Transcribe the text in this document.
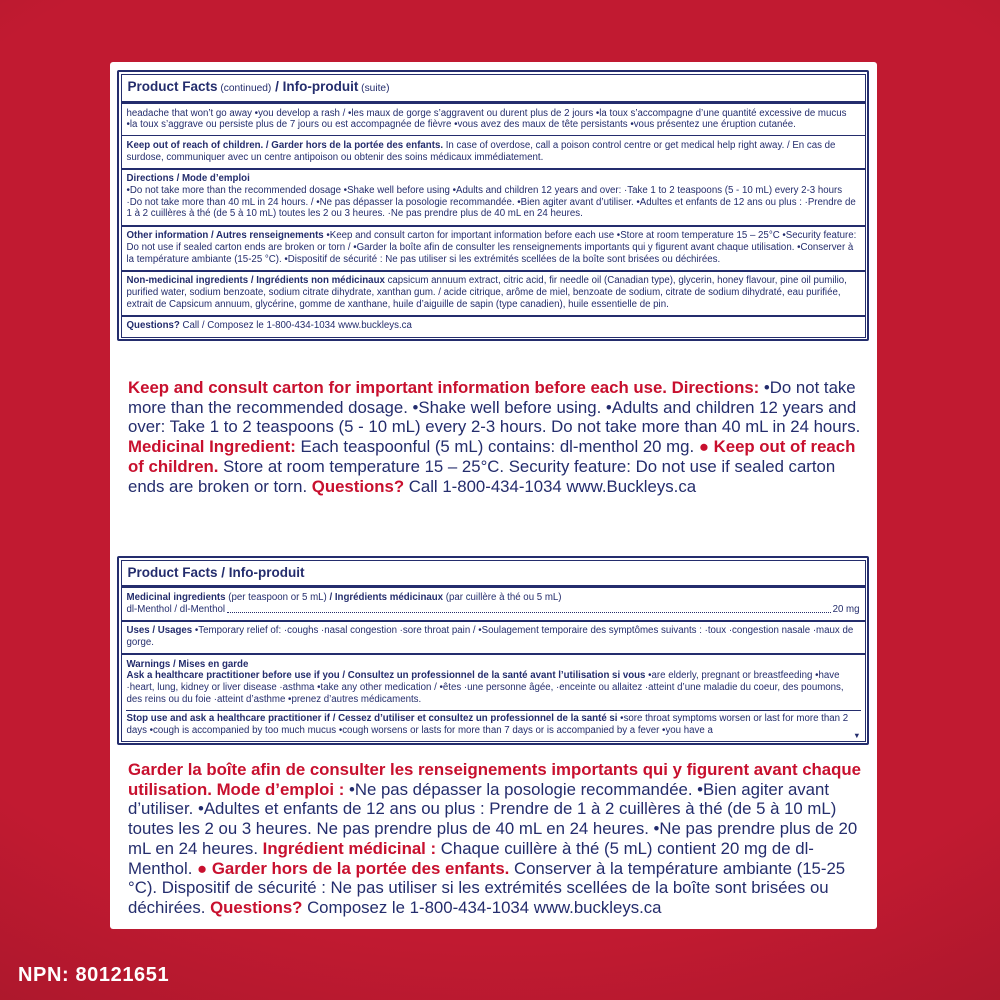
Product Facts (continued) / Info-produit (suite)
headache that won’t go away •you develop a rash / •les maux de gorge s’aggravent ou durent plus de 2 jours •la toux s’accompagne d’une quantité excessive de mucus •la toux s’aggrave ou persiste plus de 7 jours ou est accompagnée de fièvre •vous avez des maux de tête persistants •vous présentez une éruption cutanée.
Keep out of reach of children. / Garder hors de la portée des enfants. In case of overdose, call a poison control centre or get medical help right away. / En cas de surdose, communiquer avec un centre antipoison ou obtenir des soins médicaux immédiatement.
Directions / Mode d’emploi
•Do not take more than the recommended dosage •Shake well before using •Adults and children 12 years and over: ·Take 1 to 2 teaspoons (5 - 10 mL) every 2-3 hours ·Do not take more than 40 mL in 24 hours. / •Ne pas dépasser la posologie recommandée. •Bien agiter avant d’utiliser. •Adultes et enfants de 12 ans ou plus : ·Prendre de 1 à 2 cuillères à thé (de 5 à 10 mL) toutes les 2 ou 3 heures. ·Ne pas prendre plus de 40 mL en 24 heures.
Other information / Autres renseignements •Keep and consult carton for important information before each use •Store at room temperature 15 – 25°C •Security feature: Do not use if sealed carton ends are broken or torn / •Garder la boîte afin de consulter les renseignements importants qui y figurent avant chaque utilisation. •Conserver à la température ambiante (15-25 °C). •Dispositif de sécurité : Ne pas utiliser si les extrémités scellées de la boîte sont brisées ou déchirées.
Non-medicinal ingredients / Ingrédients non médicinaux capsicum annuum extract, citric acid, fir needle oil (Canadian type), glycerin, honey flavour, pine oil pumilio, purified water, sodium benzoate, sodium citrate dihydrate, xanthan gum. / acide citrique, arôme de miel, benzoate de sodium, citrate de sodium dihydraté, eau purifiée, extrait de Capsicum annuum, glycérine, gomme de xanthane, huile d’aiguille de sapin (type canadien), huile essentielle de pin.
Questions? Call / Composez le 1-800-434-1034 www.buckleys.ca
Keep and consult carton for important information before each use. Directions: •Do not take more than the recommended dosage. •Shake well before using. •Adults and children 12 years and over: Take 1 to 2 teaspoons (5 - 10 mL) every 2-3 hours. Do not take more than 40 mL in 24 hours. Medicinal Ingredient: Each teaspoonful (5 mL) contains: dl-menthol 20 mg. ● Keep out of reach of children. Store at room temperature 15 – 25°C. Security feature: Do not use if sealed carton ends are broken or torn. Questions? Call 1-800-434-1034 www.Buckleys.ca
Product Facts / Info-produit
Medicinal ingredients (per teaspoon or 5 mL) / Ingrédients médicinaux (par cuillère à thé ou 5 mL)
dl-Menthol / dl-Menthol	20 mg
Uses / Usages •Temporary relief of: ·coughs ·nasal congestion ·sore throat pain / •Soulagement temporaire des symptômes suivants : ·toux ·congestion nasale ·maux de gorge.
Warnings / Mises en garde
Ask a healthcare practitioner before use if you / Consultez un professionnel de la santé avant l’utilisation si vous •are elderly, pregnant or breastfeeding •have ·heart, lung, kidney or liver disease ·asthma •take any other medication / •êtes ·une personne âgée, ·enceinte ou allaitez ·atteint d’une maladie du coeur, des poumons, des reins ou du foie ·atteint d’asthme •prenez d’autres médicaments.
Stop use and ask a healthcare practitioner if / Cessez d’utiliser et consultez un professionnel de la santé si •sore throat symptoms worsen or last for more than 2 days •cough is accompanied by too much mucus •cough worsens or lasts for more than 7 days or is accompanied by a fever •you have a	▼
Garder la boîte afin de consulter les renseignements importants qui y figurent avant chaque utilisation. Mode d’emploi : •Ne pas dépasser la posologie recommandée. •Bien agiter avant d’utiliser. •Adultes et enfants de 12 ans ou plus : Prendre de 1 à 2 cuillères à thé (de 5 à 10 mL) toutes les 2 ou 3 heures. Ne pas prendre plus de 40 mL en 24 heures. •Ne pas prendre plus de 20 mL en 24 heures. Ingrédient médicinal : Chaque cuillère à thé (5 mL) contient 20 mg de dl-Menthol. ● Garder hors de la portée des enfants. Conserver à la température ambiante (15-25 °C). Dispositif de sécurité : Ne pas utiliser si les extrémités scellées de la boîte sont brisées ou déchirées. Questions? Composez le 1-800-434-1034 www.buckleys.ca
NPN: 80121651
